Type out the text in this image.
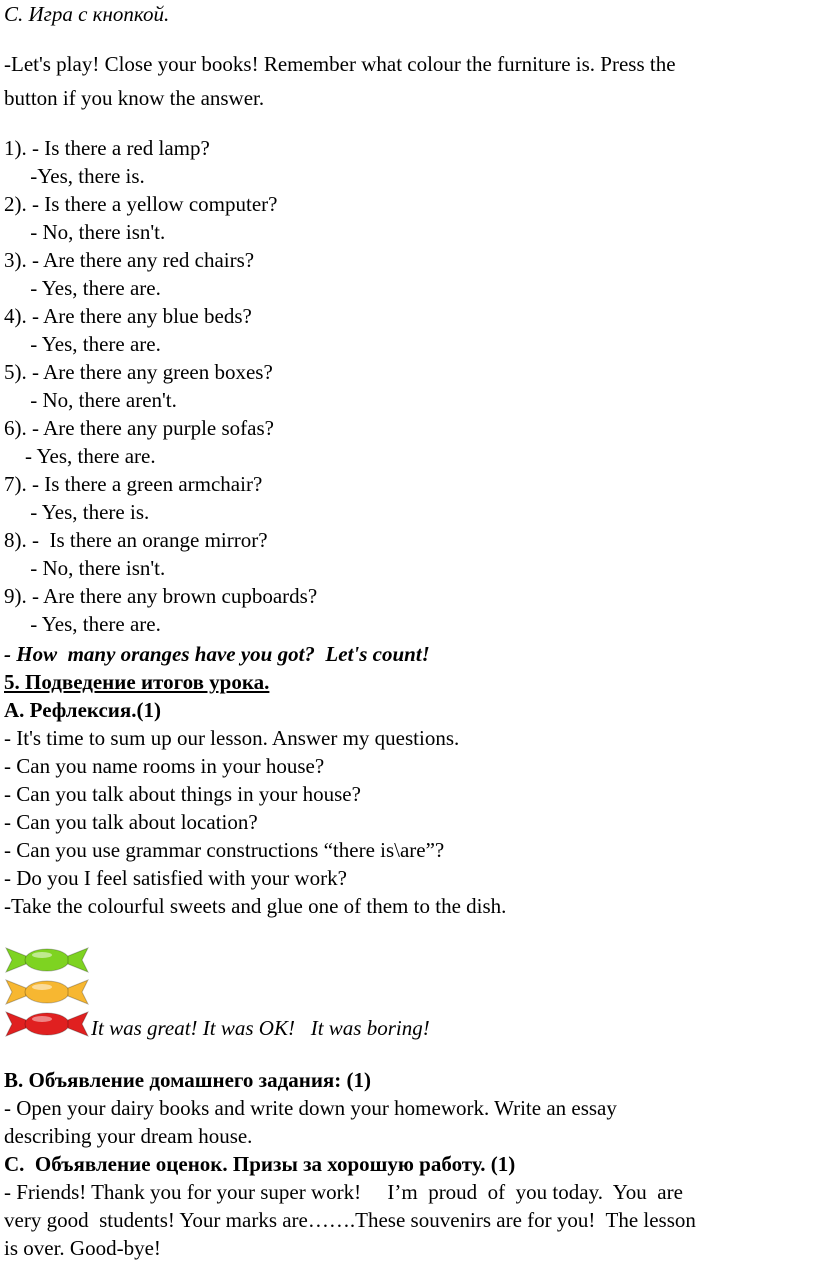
С. Игра с кнопкой.
-Let's play! Close your books! Remember what colour the furniture is. Press the
button if you know the answer.
1). - Is there a red lamp?
-Yes, there is.
2). - Is there a yellow computer?
- No, there isn't.
3). - Are there any red chairs?
- Yes, there are.
4). - Are there any blue beds?
- Yes, there are.
5). - Are there any green boxes?
- No, there aren't.
6). - Are there any purple sofas?
- Yes, there are.
7). - Is there a green armchair?
- Yes, there is.
8). -  Is there an orange mirror?
- No, there isn't.
9). - Are there any brown cupboards?
- Yes, there are.
- How  many oranges have you got?  Let's count!
5. Подведение итогов урока.
А. Рефлексия.(1)
- It's time to sum up our lesson. Answer my questions.
- Can you name rooms in your house?
- Can you talk about things in your house?
- Can you talk about location?
- Can you use grammar constructions “there is\are”?
- Do you I feel satisfied with your work?
-Take the colourful sweets and glue one of them to the dish.
It was great! It was OK!   It was boring!
В. Объявление домашнего задания: (1)
- Open your dairy books and write down your homework. Write an essay
describing your dream house.
С.  Объявление оценок. Призы за хорошую работу. (1)
- Friends! Thank you for your super work!     I’m  proud  of  you today.  You  are
very good  students! Your marks are…….These souvenirs are for you!  The lesson
is over. Good-bye!
